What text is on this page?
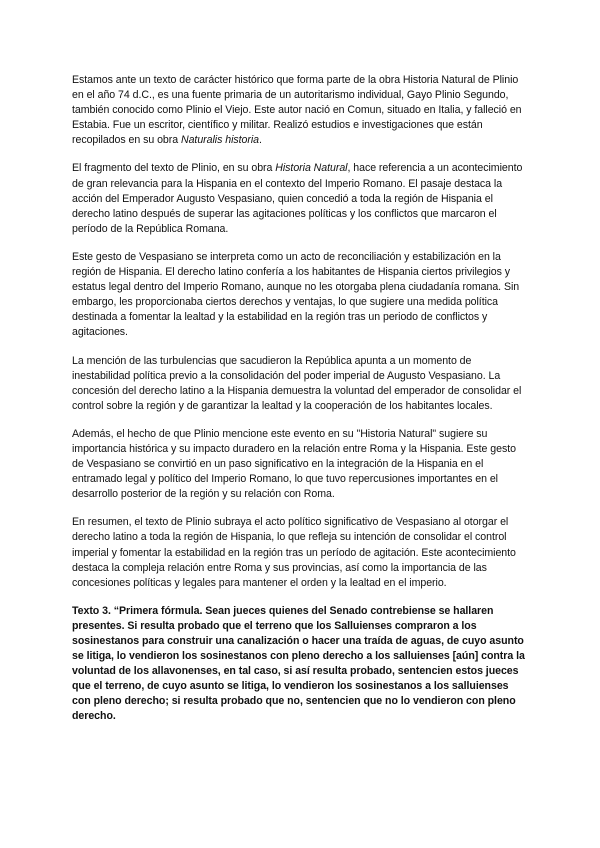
Estamos ante un texto de carácter histórico que forma parte de la obra Historia Natural de Plinio en el año 74 d.C., es una fuente primaria de un autoritarismo individual, Gayo Plinio Segundo, también conocido como Plinio el Viejo. Este autor nació en Comun, situado en Italia, y falleció en Estabia. Fue un escritor, científico y militar. Realizó estudios e investigaciones que están recopilados en su obra Naturalis historia.

El fragmento del texto de Plinio, en su obra Historia Natural, hace referencia a un acontecimiento de gran relevancia para la Hispania en el contexto del Imperio Romano. El pasaje destaca la acción del Emperador Augusto Vespasiano, quien concedió a toda la región de Hispania el derecho latino después de superar las agitaciones políticas y los conflictos que marcaron el período de la República Romana.

Este gesto de Vespasiano se interpreta como un acto de reconciliación y estabilización en la región de Hispania. El derecho latino confería a los habitantes de Hispania ciertos privilegios y estatus legal dentro del Imperio Romano, aunque no les otorgaba plena ciudadanía romana. Sin embargo, les proporcionaba ciertos derechos y ventajas, lo que sugiere una medida política destinada a fomentar la lealtad y la estabilidad en la región tras un periodo de conflictos y agitaciones.

La mención de las turbulencias que sacudieron la República apunta a un momento de inestabilidad política previo a la consolidación del poder imperial de Augusto Vespasiano. La concesión del derecho latino a la Hispania demuestra la voluntad del emperador de consolidar el control sobre la región y de garantizar la lealtad y la cooperación de los habitantes locales.

Además, el hecho de que Plinio mencione este evento en su "Historia Natural" sugiere su importancia histórica y su impacto duradero en la relación entre Roma y la Hispania. Este gesto de Vespasiano se convirtió en un paso significativo en la integración de la Hispania en el entramado legal y político del Imperio Romano, lo que tuvo repercusiones importantes en el desarrollo posterior de la región y su relación con Roma.

En resumen, el texto de Plinio subraya el acto político significativo de Vespasiano al otorgar el derecho latino a toda la región de Hispania, lo que refleja su intención de consolidar el control imperial y fomentar la estabilidad en la región tras un período de agitación. Este acontecimiento destaca la compleja relación entre Roma y sus provincias, así como la importancia de las concesiones políticas y legales para mantener el orden y la lealtad en el imperio.

Texto 3. “Primera fórmula. Sean jueces quienes del Senado contrebiense se hallaren presentes. Si resulta probado que el terreno que los Salluienses compraron a los sosinestanos para construir una canalización o hacer una traída de aguas, de cuyo asunto se litiga, lo vendieron los sosinestanos con pleno derecho a los salluienses [aún] contra la voluntad de los allavonenses, en tal caso, si así resulta probado, sentencien estos jueces que el terreno, de cuyo asunto se litiga, lo vendieron los sosinestanos a los salluienses con pleno derecho; si resulta probado que no, sentencien que no lo vendieron con pleno derecho.
